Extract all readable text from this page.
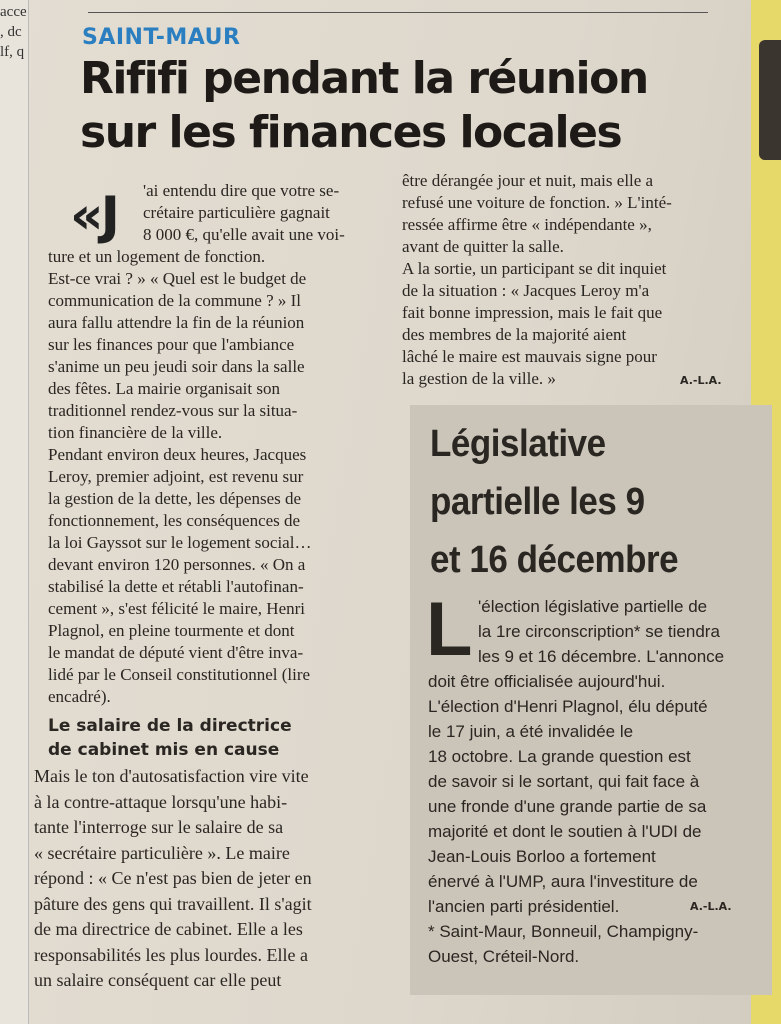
acce
, dc
lf, q
SAINT-MAUR
Rififi pendant la réunion
sur les finances locales
«J	'ai entendu dire que votre se-
crétaire particulière gagnait
8 000 €, qu'elle avait une voi-
ture et un logement de fonction.
Est-ce vrai ? » « Quel est le budget de
communication de la commune ? » Il
aura fallu attendre la fin de la réunion
sur les finances pour que l'ambiance
s'anime un peu jeudi soir dans la salle
des fêtes. La mairie organisait son
traditionnel rendez-vous sur la situa-
tion financière de la ville.
Pendant environ deux heures, Jacques
Leroy, premier adjoint, est revenu sur
la gestion de la dette, les dépenses de
fonctionnement, les conséquences de
la loi Gayssot sur le logement social…
devant environ 120 personnes. « On a
stabilisé la dette et rétabli l'autofinan-
cement », s'est félicité le maire, Henri
Plagnol, en pleine tourmente et dont
le mandat de député vient d'être inva-
lidé par le Conseil constitutionnel (lire
encadré).
Le salaire de la directrice
de cabinet mis en cause
Mais le ton d'autosatisfaction vire vite
à la contre-attaque lorsqu'une habi-
tante l'interroge sur le salaire de sa
« secrétaire particulière ». Le maire
répond : « Ce n'est pas bien de jeter en
pâture des gens qui travaillent. Il s'agit
de ma directrice de cabinet. Elle a les
responsabilités les plus lourdes. Elle a
un salaire conséquent car elle peut
être dérangée jour et nuit, mais elle a
refusé une voiture de fonction. » L'inté-
ressée affirme être « indépendante »,
avant de quitter la salle.
A la sortie, un participant se dit inquiet
de la situation : « Jacques Leroy m'a
fait bonne impression, mais le fait que
des membres de la majorité aient
lâché le maire est mauvais signe pour
la gestion de la ville. »	A.-L.A.
Législative
partielle les 9
et 16 décembre
L 'élection législative partielle de
la 1re circonscription* se tiendra
les 9 et 16 décembre. L'annonce
doit être officialisée aujourd'hui.
L'élection d'Henri Plagnol, élu député
le 17 juin, a été invalidée le
18 octobre. La grande question est
de savoir si le sortant, qui fait face à
une fronde d'une grande partie de sa
majorité et dont le soutien à l'UDI de
Jean-Louis Borloo a fortement
énervé à l'UMP, aura l'investiture de
l'ancien parti présidentiel.
* Saint-Maur, Bonneuil, Champigny-
Ouest, Créteil-Nord.
A.-L.A.
